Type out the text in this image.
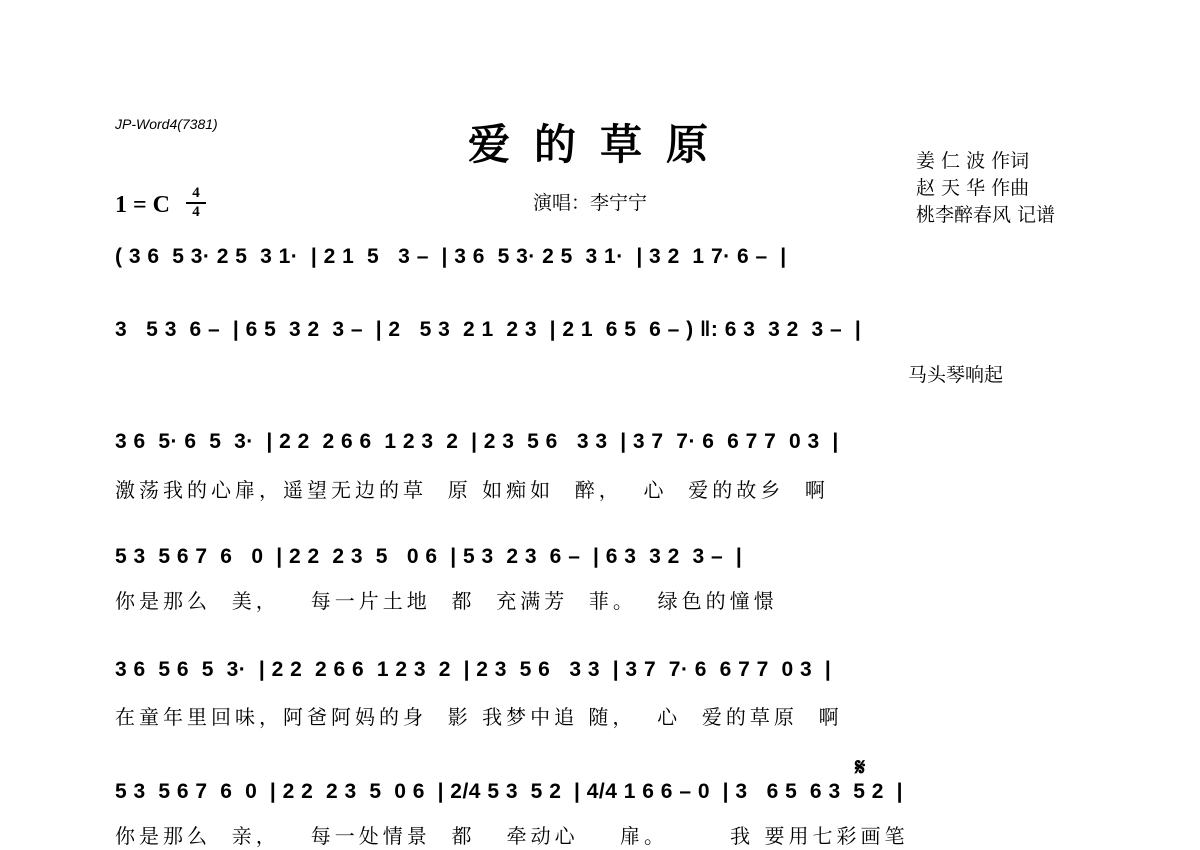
JP-Word4(7381)	爱的草原
1 = C	4
4	演唱：李宁宁
姜 仁 波 作词
赵 天 华 作曲
桃李醉春风 记谱
( 3 6  5 3· 2 5  3 1·  | 2 1  5   3 –  | 3 6  5 3· 2 5  3 1·  | 3 2  1 7· 6 –  |
3   5 3  6 –  | 6 5  3 2  3 –  | 2   5 3  2 1  2 3  | 2 1  6 5  6 – ) ‖: 6 3  3 2  3 –  |
马头琴响起
3 6  5· 6  5  3·  | 2 2  2 6 6  1 2 3  2  | 2 3  5 6   3 3  | 3 7  7· 6  6 7 7  0 3  |
激荡我的心扉，遥望无边的草  原 如痴如  醉，  心  爱的故乡  啊
5 3  5 6 7  6   0  | 2 2  2 3  5   0 6  | 5 3  2 3  6 –  | 6 3  3 2  3 –  |
你是那么  美，   每一片土地  都  充满芳  菲。  绿色的憧憬
3 6  5 6  5  3·  | 2 2  2 6 6  1 2 3  2  | 2 3  5 6   3 3  | 3 7  7· 6  6 7 7  0 3  |
在童年里回味，阿爸阿妈的身  影 我梦中追 随，  心  爱的草原  啊
𝄋
5 3  5 6 7  6  0  | 2 2  2 3  5  0 6  | 2/4 5 3  5 2  | 4/4 1 6 6 – 0  | 3   6 5  6 3  5 2  |
你是那么  亲，   每一处情景  都   牵动心    扉。      我 要用七彩画笔
